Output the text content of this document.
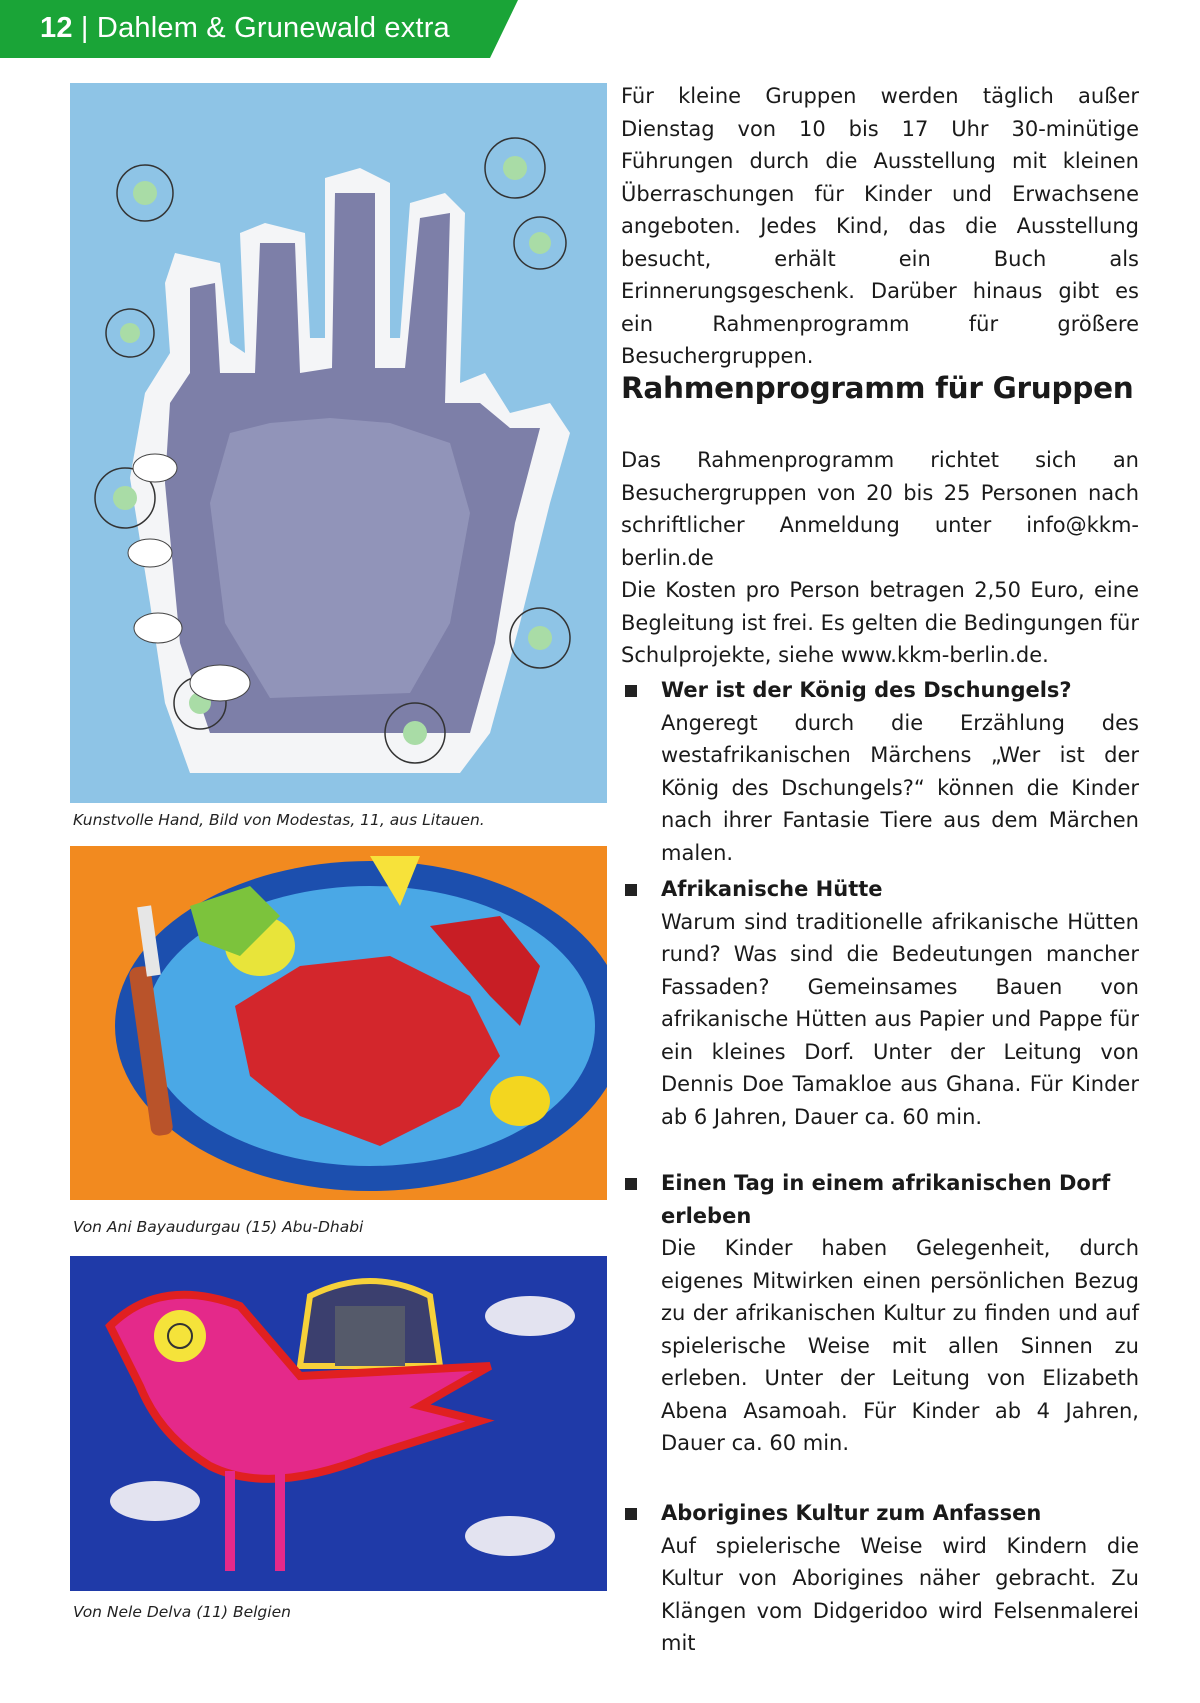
12 | Dahlem & Grunewald extra
Kunstvolle Hand, Bild von Modestas, 11, aus Litauen.
Von Ani Bayaudurgau (15) Abu-Dhabi
Von Nele Delva (11) Belgien

Für kleine Gruppen werden täglich außer Dienstag von 10 bis 17 Uhr 30-minütige Führungen durch die Ausstellung mit kleinen Überraschungen für Kinder und Erwachsene angeboten. Jedes Kind, das die Ausstellung besucht, erhält ein Buch als Erinnerungsgeschenk. Darüber hinaus gibt es ein Rahmenprogramm für größere Besuchergruppen.

Rahmenprogramm für Gruppen

Das Rahmenprogramm richtet sich an Besuchergruppen von 20 bis 25 Personen nach schriftlicher Anmeldung unter info@kkm-berlin.de

Die Kosten pro Person betragen 2,50 Euro, eine Begleitung ist frei. Es gelten die Bedingungen für Schulprojekte, siehe www.kkm-berlin.de.

Wer ist der König des Dschungels?

Angeregt durch die Erzählung des westafrikanischen Märchens „Wer ist der König des Dschungels?“ können die Kinder nach ihrer Fantasie Tiere aus dem Märchen malen.

Afrikanische Hütte

Warum sind traditionelle afrikanische Hütten rund? Was sind die Bedeutungen mancher Fassaden? Gemeinsames Bauen von afrikanische Hütten aus Papier und Pappe für ein kleines Dorf. Unter der Leitung von Dennis Doe Tamakloe aus Ghana. Für Kinder ab 6 Jahren, Dauer ca. 60 min.

Einen Tag in einem afrikanischen Dorf erleben

Die Kinder haben Gelegenheit, durch eigenes Mitwirken einen persönlichen Bezug zu der afrikanischen Kultur zu finden und auf spielerische Weise mit allen Sinnen zu erleben. Unter der Leitung von Elizabeth Abena Asamoah. Für Kinder ab 4 Jahren, Dauer ca. 60 min.

Aborigines Kultur zum Anfassen

Auf spielerische Weise wird Kindern die Kultur von Aborigines näher gebracht. Zu Klängen vom Didgeridoo wird Felsenmalerei mit
